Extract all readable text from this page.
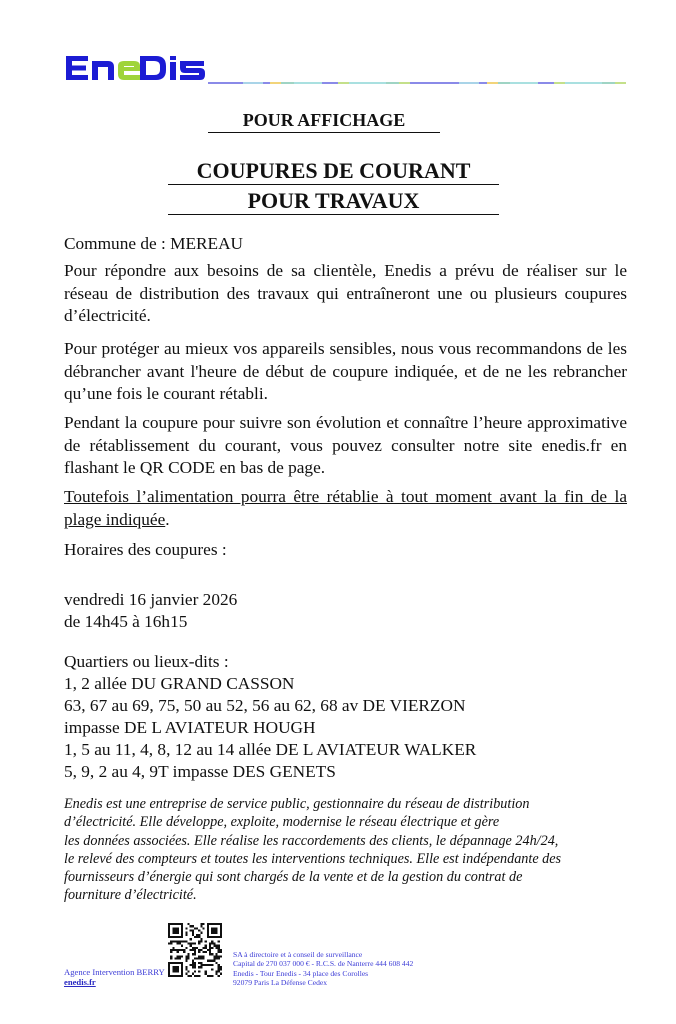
POUR AFFICHAGE
COUPURES DE COURANT
POUR TRAVAUX
Commune de : MEREAU
Pour répondre aux besoins de sa clientèle, Enedis a prévu de réaliser sur le réseau de distribution des travaux qui entraîneront une ou plusieurs coupures d’électricité.
Pour protéger au mieux vos appareils sensibles, nous vous recommandons de les débrancher avant l'heure de début de coupure indiquée, et de ne les rebrancher qu’une fois le courant rétabli.
Pendant la coupure pour suivre son évolution et connaître l’heure approximative de rétablissement du courant, vous pouvez consulter notre site enedis.fr en flashant le QR CODE en bas de page.
Toutefois l’alimentation pourra être rétablie à tout moment avant la fin de la plage indiquée.
Horaires des coupures :
vendredi 16 janvier 2026
de 14h45 à 16h15
Quartiers ou lieux-dits :
1, 2 allée DU GRAND CASSON
63, 67 au 69, 75, 50 au 52, 56 au 62, 68 av DE VIERZON
impasse DE L AVIATEUR HOUGH
1, 5 au 11, 4, 8, 12 au 14 allée DE L AVIATEUR WALKER
5, 9, 2 au 4, 9T impasse DES GENETS
Enedis est une entreprise de service public, gestionnaire du réseau de distribution
d’électricité. Elle développe, exploite, modernise le réseau électrique et gère
les données associées. Elle réalise les raccordements des clients, le dépannage 24h/24,
le relevé des compteurs et toutes les interventions techniques. Elle est indépendante des
fournisseurs d’énergie qui sont chargés de la vente et de la gestion du contrat de
fourniture d’électricité.
Agence Intervention BERRY
enedis.fr
SA à directoire et à conseil de surveillance
Capital de 270 037 000 € - R.C.S. de Nanterre 444 608 442
Enedis - Tour Enedis - 34 place des Corolles
92079 Paris La Défense Cedex
